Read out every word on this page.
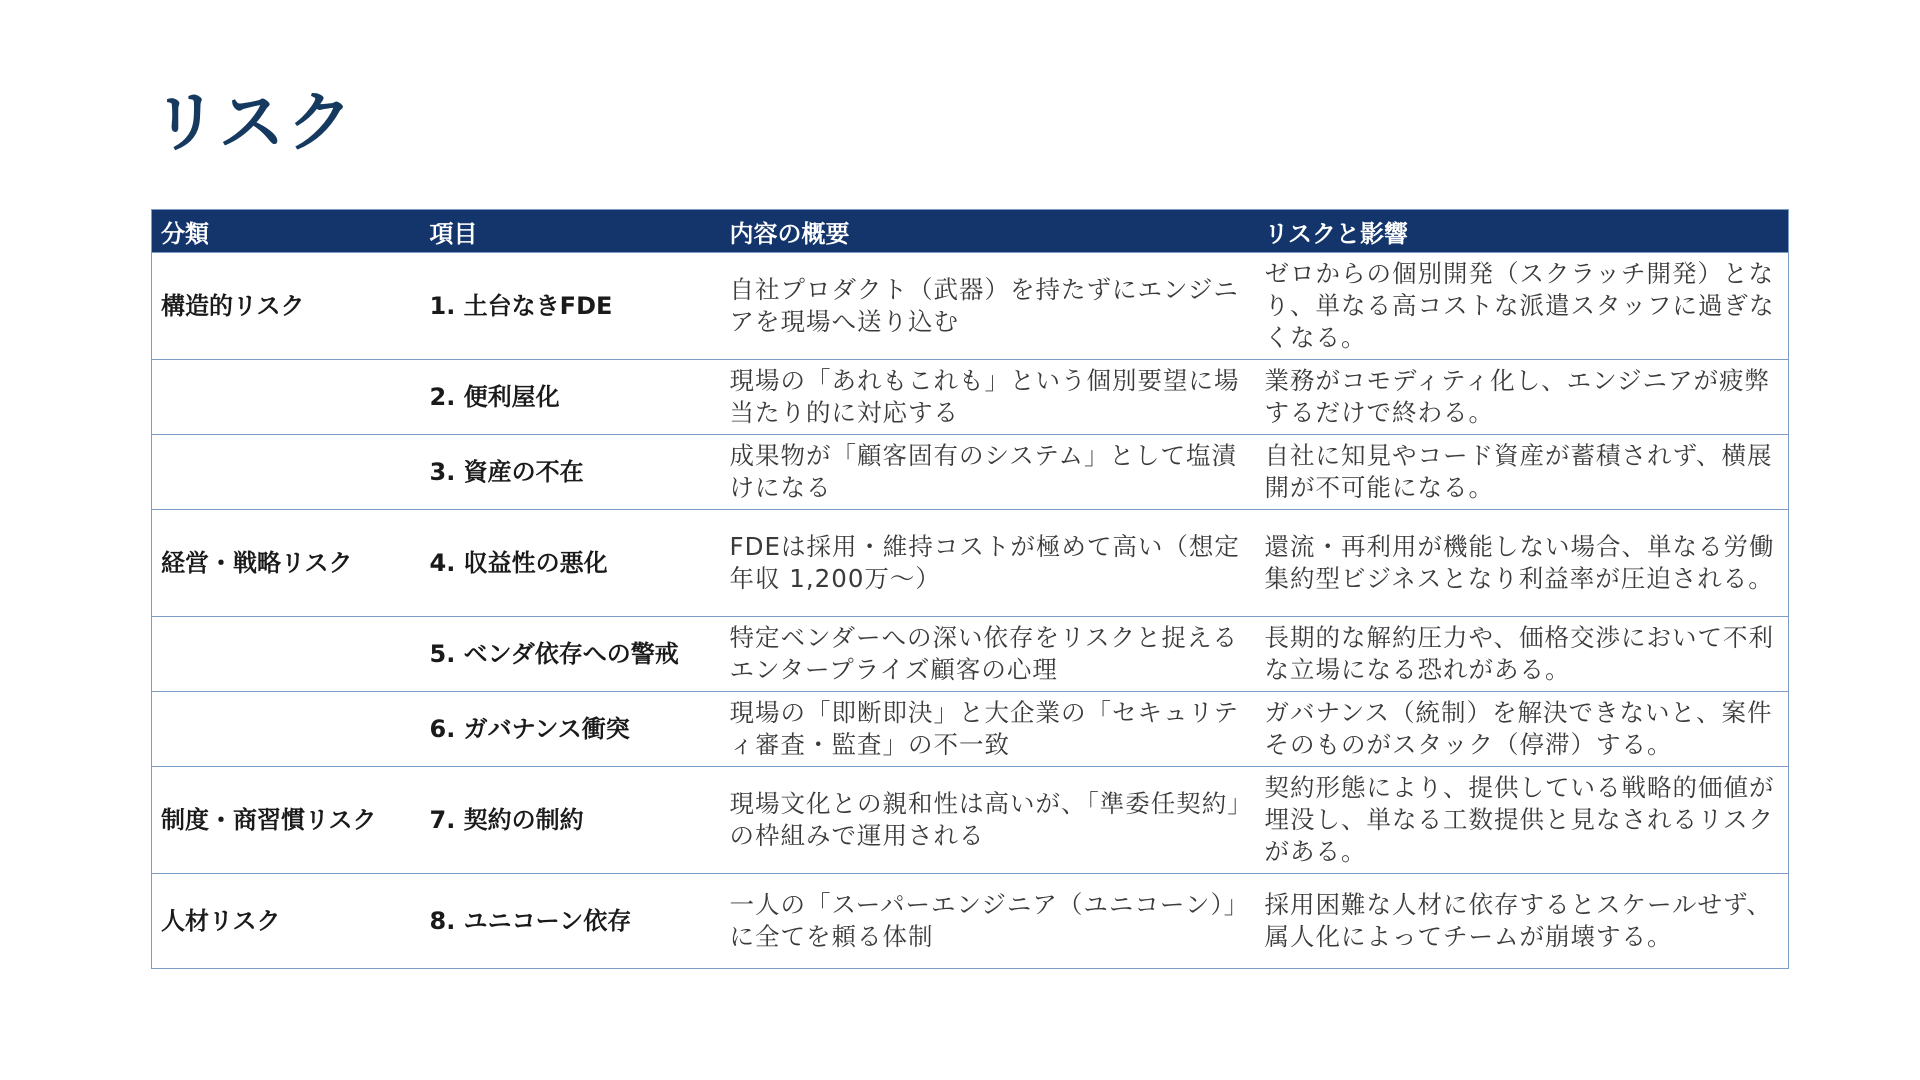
リスク
分類	項目	内容の概要	リスクと影響
構造的リスク	1. 土台なきFDE	自社プロダクト（武器）を持たずにエンジニアを現場へ送り込む	ゼロからの個別開発（スクラッチ開発）となり、単なる高コストな派遣スタッフに過ぎなくなる。
	2. 便利屋化	現場の「あれもこれも」という個別要望に場当たり的に対応する	業務がコモディティ化し、エンジニアが疲弊するだけで終わる。
	3. 資産の不在	成果物が「顧客固有のシステム」として塩漬けになる	自社に知見やコード資産が蓄積されず、横展開が不可能になる。
経営・戦略リスク	4. 収益性の悪化	FDEは採用・維持コストが極めて高い（想定年収 1,200万～）	還流・再利用が機能しない場合、単なる労働集約型ビジネスとなり利益率が圧迫される。
	5. ベンダ依存への警戒	特定ベンダーへの深い依存をリスクと捉えるエンタープライズ顧客の心理	長期的な解約圧力や、価格交渉において不利な立場になる恐れがある。
	6. ガバナンス衝突	現場の「即断即決」と大企業の「セキュリティ審査・監査」の不一致	ガバナンス（統制）を解決できないと、案件そのものがスタック（停滞）する。
制度・商習慣リスク	7. 契約の制約	現場文化との親和性は高いが、「準委任契約」の枠組みで運用される	契約形態により、提供している戦略的価値が埋没し、単なる工数提供と見なされるリスクがある。
人材リスク	8. ユニコーン依存	一人の「スーパーエンジニア（ユニコーン）」に全てを頼る体制	採用困難な人材に依存するとスケールせず、属人化によってチームが崩壊する。
